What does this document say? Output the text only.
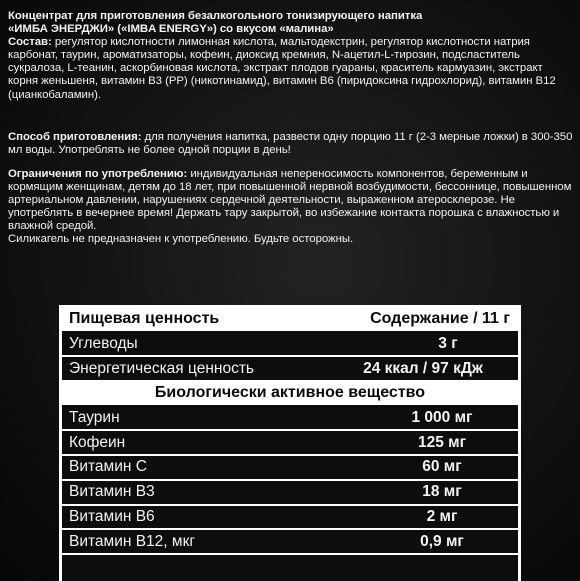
Концентрат для приготовления безалкогольного тонизирующего напитка

«ИМБА ЭНЕРДЖИ» («IMBA ENERGY») со вкусом «малина»

Состав: регулятор кислотности лимонная кислота, мальтодекстрин, регулятор кислотности натрия карбонат, таурин, ароматизаторы, кофеин, диоксид кремния, N-ацетил-L-тирозин, подсластитель сукралоза, L-теанин, аскорбиновая кислота, экстракт плодов гуараны, краситель кармуазин, экстракт корня женьшеня, витамин B3 (PP) (никотинамид), витамин B6 (пиридоксина гидрохлорид), витамин B12 (цианкобаламин).

Способ приготовления: для получения напитка, развести одну порцию 11 г (2-3 мерные ложки) в 300-350 мл воды. Употреблять не более одной порции в день!

Ограничения по употреблению: индивидуальная непереносимость компонентов, беременным и кормящим женщинам, детям до 18 лет, при повышенной нервной возбудимости, бессоннице, повышенном артериальном давлении, нарушениях сердечной деятельности, выраженном атеросклерозе. Не употреблять в вечернее время! Держать тару закрытой, во избежание контакта порошка с влажностью и влажной средой.

Силикагель не предназначен к употреблению. Будьте осторожны.

Пищевая ценность	Содержание / 11 г
Углеводы	3 г
Энергетическая ценность	24 ккал / 97 кДж
Биологически активное вещество
Таурин	1 000 мг
Кофеин	125 мг
Витамин C	60 мг
Витамин B3	18 мг
Витамин B6	2 мг
Витамин B12, мкг	0,9 мг
